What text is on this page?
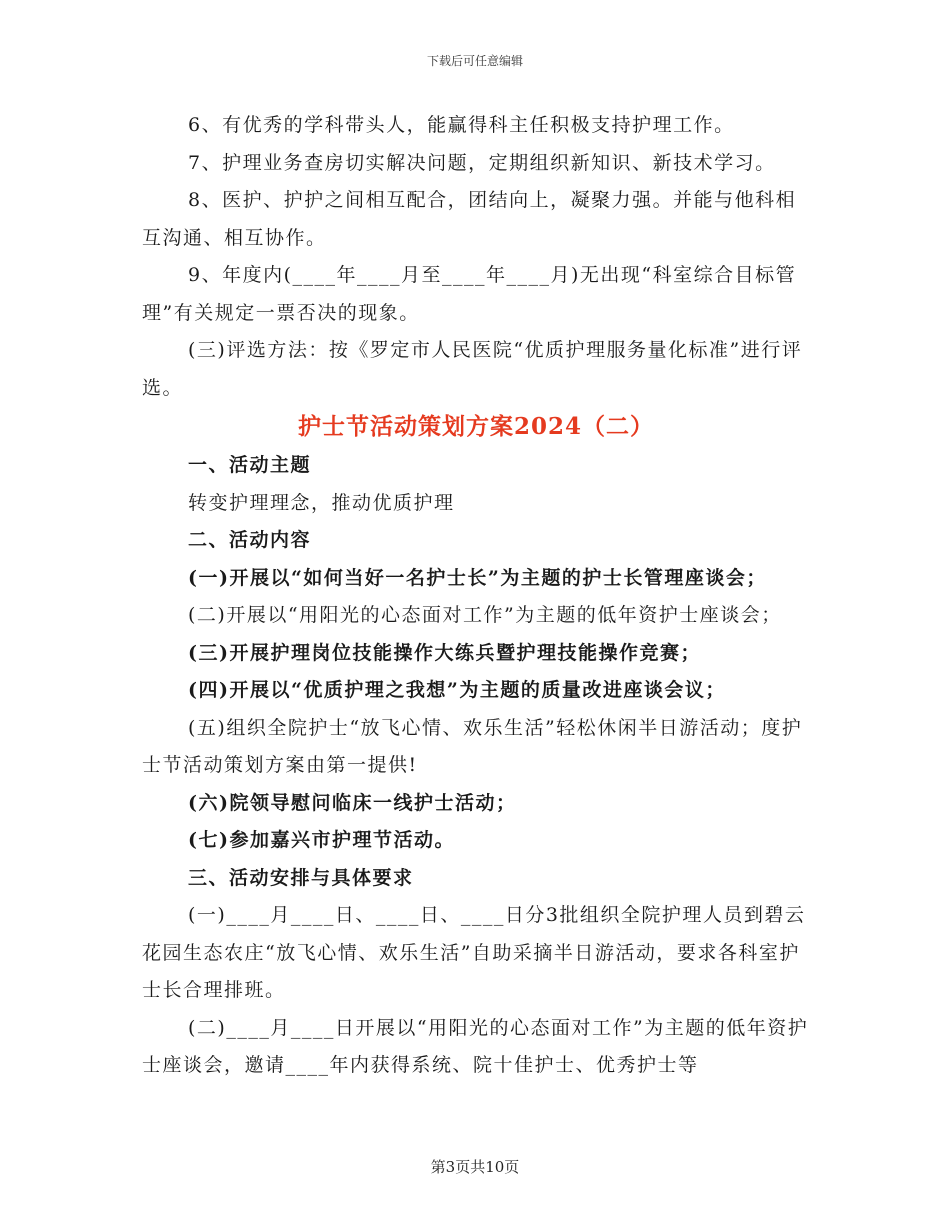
下载后可任意编辑

6、有优秀的学科带头人，能赢得科主任积极支持护理工作。

7、护理业务查房切实解决问题，定期组织新知识、新技术学习。

8、医护、护护之间相互配合，团结向上，凝聚力强。并能与他科相互沟通、相互协作。

9、年度内(____年____月至____年____月)无出现“科室综合目标管理”有关规定一票否决的现象。

(三)评选方法：按《罗定市人民医院“优质护理服务量化标准”进行评选。

护士节活动策划方案2024（二）

一、活动主题

转变护理理念，推动优质护理

二、活动内容

(一)开展以“如何当好一名护士长”为主题的护士长管理座谈会；

(二)开展以“用阳光的心态面对工作”为主题的低年资护士座谈会；

(三)开展护理岗位技能操作大练兵暨护理技能操作竞赛；

(四)开展以“优质护理之我想”为主题的质量改进座谈会议；

(五)组织全院护士“放飞心情、欢乐生活”轻松休闲半日游活动；度护士节活动策划方案由第一提供!

(六)院领导慰问临床一线护士活动；

(七)参加嘉兴市护理节活动。

三、活动安排与具体要求

(一)____月____日、____日、____日分3批组织全院护理人员到碧云花园生态农庄“放飞心情、欢乐生活”自助采摘半日游活动，要求各科室护士长合理排班。

(二)____月____日开展以“用阳光的心态面对工作”为主题的低年资护士座谈会，邀请____年内获得系统、院十佳护士、优秀护士等

第3页共10页
